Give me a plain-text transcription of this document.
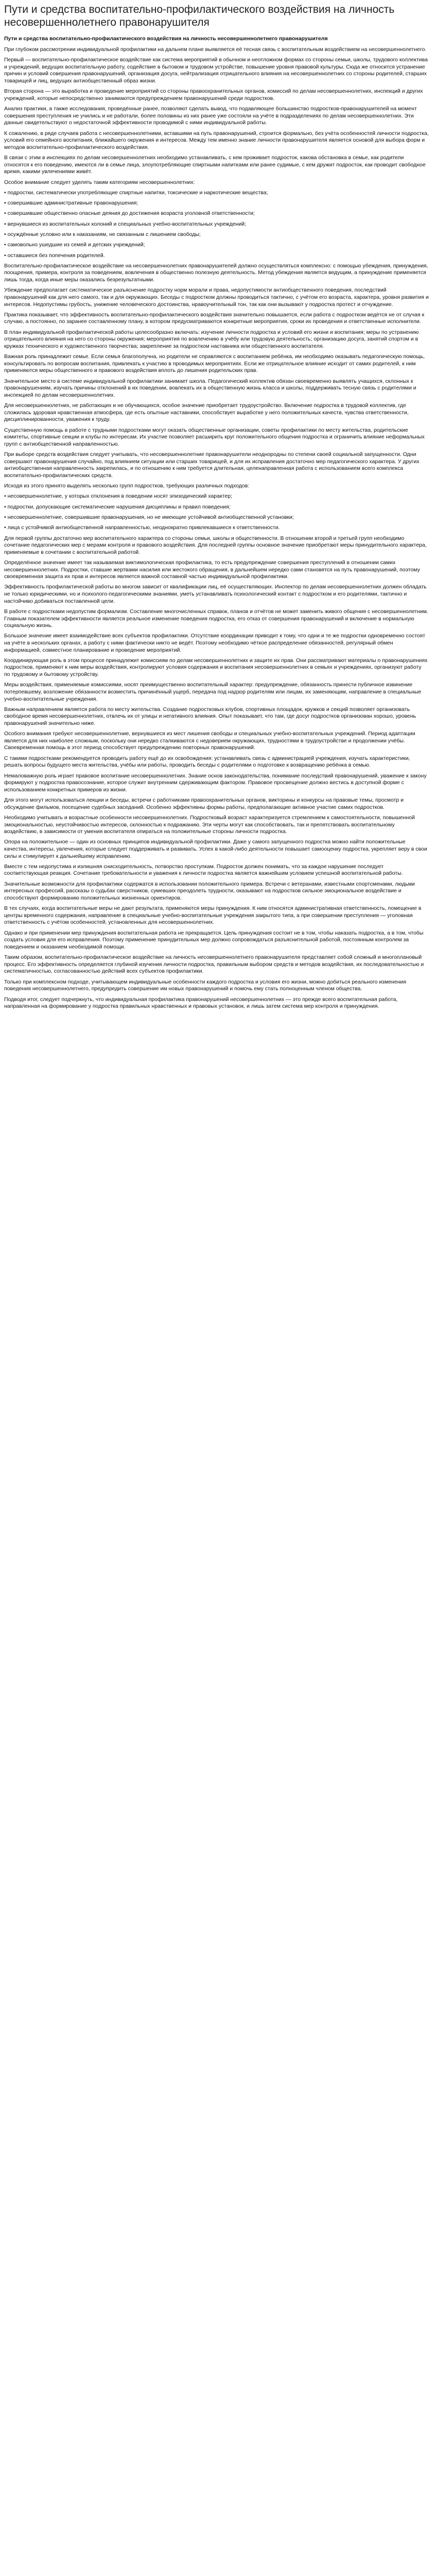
Пути и средства воспитательно-профилактического воздействия на личность несовершеннолетнего правонарушителя

Пути и средства воспитательно-профилактического воздействия на личность несовершеннолетнего правонарушителя

При глубоком рассмотрении индивидуальной профилактики на дальнем плане выявляется её тесная связь с воспитательным воздействием на несовершеннолетнего.

Первый — воспитательно-профилактическое воздействие как система мероприятий в обычном и неотложном формах со стороны семьи, школы, трудового коллектива и учреждений, ведущих воспитательную работу, содействие в бытовом и трудовом устройстве, повышение уровня правовой культуры. Сюда же относится устранение причин и условий совершения правонарушений, организация досуга, нейтрализация отрицательного влияния на несовершеннолетних со стороны родителей, старших товарищей и лиц, ведущих антиобщественный образ жизни.

Вторая сторона — это выработка и проведение мероприятий со стороны правоохранительных органов, комиссий по делам несовершеннолетних, инспекций и других учреждений, которые непосредственно занимаются предупреждением правонарушений среди подростков.

Анализ практики, а также исследования, проведённые ранее, позволяют сделать вывод, что подавляющее большинство подростков-правонарушителей на момент совершения преступления не учились и не работали, более половины из них ранее уже состояли на учёте в подразделениях по делам несовершеннолетних. Эти данные свидетельствуют о недостаточной эффективности проводимой с ними индивидуальной работы.

К сожалению, в ряде случаев работа с несовершеннолетними, вставшими на путь правонарушений, строится формально, без учёта особенностей личности подростка, условий его семейного воспитания, ближайшего окружения и интересов. Между тем именно знание личности правонарушителя является основой для выбора форм и методов воспитательно-профилактического воздействия.

В связи с этим в инспекциях по делам несовершеннолетних необходимо устанавливать, с кем проживает подросток, какова обстановка в семье, как родители относятся к его поведению, имеются ли в семье лица, злоупотребляющие спиртными напитками или ранее судимые, с кем дружит подросток, как проводит свободное время, какими увлечениями живёт.

Особое внимание следует уделять таким категориям несовершеннолетних:

• подростки, систематически употребляющие спиртные напитки, токсические и наркотические вещества;

• совершившие административные правонарушения;

• совершившие общественно опасные деяния до достижения возраста уголовной ответственности;

• вернувшиеся из воспитательных колоний и специальных учебно-воспитательных учреждений;

• осуждённые условно или к наказаниям, не связанным с лишением свободы;

• самовольно ушедшие из семей и детских учреждений;

• оставшиеся без попечения родителей.

Воспитательно-профилактическое воздействие на несовершеннолетних правонарушителей должно осуществляться комплексно: с помощью убеждения, принуждения, поощрения, примера, контроля за поведением, вовлечения в общественно полезную деятельность. Метод убеждения является ведущим, а принуждение применяется лишь тогда, когда иные меры оказались безрезультатными.

Убеждение предполагает систематическое разъяснение подростку норм морали и права, недопустимости антиобщественного поведения, последствий правонарушений как для него самого, так и для окружающих. Беседы с подростком должны проводиться тактично, с учётом его возраста, характера, уровня развития и интересов. Недопустимы грубость, унижение человеческого достоинства, нравоучительный тон, так как они вызывают у подростка протест и отчуждение.

Практика показывает, что эффективность воспитательно-профилактического воздействия значительно повышается, если работа с подростком ведётся не от случая к случаю, а постоянно, по заранее составленному плану, в котором предусматриваются конкретные мероприятия, сроки их проведения и ответственные исполнители.

В план индивидуальной профилактической работы целесообразно включать: изучение личности подростка и условий его жизни и воспитания; меры по устранению отрицательного влияния на него со стороны окружения; мероприятия по вовлечению в учёбу или трудовую деятельность; организацию досуга, занятий спортом и в кружках технического и художественного творчества; закрепление за подростком наставника или общественного воспитателя.

Важная роль принадлежит семье. Если семья благополучна, но родители не справляются с воспитанием ребёнка, им необходимо оказывать педагогическую помощь, консультировать по вопросам воспитания, привлекать к участию в проводимых мероприятиях. Если же отрицательное влияние исходит от самих родителей, к ним применяются меры общественного и правового воздействия вплоть до лишения родительских прав.

Значительное место в системе индивидуальной профилактики занимает школа. Педагогический коллектив обязан своевременно выявлять учащихся, склонных к правонарушениям, изучать причины отклонений в их поведении, вовлекать их в общественную жизнь класса и школы, поддерживать тесную связь с родителями и инспекцией по делам несовершеннолетних.

Для несовершеннолетних, не работающих и не обучающихся, особое значение приобретает трудоустройство. Включение подростка в трудовой коллектив, где сложилась здоровая нравственная атмосфера, где есть опытные наставники, способствует выработке у него положительных качеств, чувства ответственности, дисциплинированности, уважения к труду.

Существенную помощь в работе с трудными подростками могут оказать общественные организации, советы профилактики по месту жительства, родительские комитеты, спортивные секции и клубы по интересам. Их участие позволяет расширить круг положительного общения подростка и ограничить влияние неформальных групп с антиобщественной направленностью.

При выборе средств воздействия следует учитывать, что несовершеннолетние правонарушители неоднородны по степени своей социальной запущенности. Одни совершают правонарушения случайно, под влиянием ситуации или старших товарищей, и для их исправления достаточно мер педагогического характера. У других антиобщественная направленность закрепилась, и по отношению к ним требуется длительная, целенаправленная работа с использованием всего комплекса воспитательно-профилактических средств.

Исходя из этого принято выделять несколько групп подростков, требующих различных подходов:

• несовершеннолетние, у которых отклонения в поведении носят эпизодический характер;

• подростки, допускающие систематические нарушения дисциплины и правил поведения;

• несовершеннолетние, совершившие правонарушения, но не имеющие устойчивой антиобщественной установки;

• лица с устойчивой антиобщественной направленностью, неоднократно привлекавшиеся к ответственности.

Для первой группы достаточно мер воспитательного характера со стороны семьи, школы и общественности. В отношении второй и третьей групп необходимо сочетание педагогических мер с мерами контроля и правового воздействия. Для последней группы основное значение приобретают меры принудительного характера, применяемые в сочетании с воспитательной работой.

Определённое значение имеет так называемая виктимологическая профилактика, то есть предупреждение совершения преступлений в отношении самих несовершеннолетних. Подростки, ставшие жертвами насилия или жестокого обращения, в дальнейшем нередко сами становятся на путь правонарушений, поэтому своевременная защита их прав и интересов является важной составной частью индивидуальной профилактики.

Эффективность профилактической работы во многом зависит от квалификации лиц, её осуществляющих. Инспектор по делам несовершеннолетних должен обладать не только юридическими, но и психолого-педагогическими знаниями, уметь устанавливать психологический контакт с подростком и его родителями, тактично и настойчиво добиваться поставленной цели.

В работе с подростками недопустим формализм. Составление многочисленных справок, планов и отчётов не может заменить живого общения с несовершеннолетним. Главным показателем эффективности является реальное изменение поведения подростка, его отказ от совершения правонарушений и включение в нормальную социальную жизнь.

Большое значение имеет взаимодействие всех субъектов профилактики. Отсутствие координации приводит к тому, что одни и те же подростки одновременно состоят на учёте в нескольких органах, а работу с ними фактически никто не ведёт. Поэтому необходимо чёткое распределение обязанностей, регулярный обмен информацией, совместное планирование и проведение мероприятий.

Координирующая роль в этом процессе принадлежит комиссиям по делам несовершеннолетних и защите их прав. Они рассматривают материалы о правонарушениях подростков, применяют к ним меры воздействия, контролируют условия содержания и воспитания несовершеннолетних в семьях и учреждениях, организуют работу по трудовому и бытовому устройству.

Меры воздействия, применяемые комиссиями, носят преимущественно воспитательный характер: предупреждение, обязанность принести публичное извинение потерпевшему, возложение обязанности возместить причинённый ущерб, передача под надзор родителям или лицам, их заменяющим, направление в специальные учебно-воспитательные учреждения.

Важным направлением является работа по месту жительства. Создание подростковых клубов, спортивных площадок, кружков и секций позволяет организовать свободное время несовершеннолетних, отвлечь их от улицы и негативного влияния. Опыт показывает, что там, где досуг подростков организован хорошо, уровень правонарушений значительно ниже.

Особого внимания требуют несовершеннолетние, вернувшиеся из мест лишения свободы и специальных учебно-воспитательных учреждений. Период адаптации является для них наиболее сложным, поскольку они нередко сталкиваются с недоверием окружающих, трудностями в трудоустройстве и продолжении учёбы. Своевременная помощь в этот период способствует предупреждению повторных правонарушений.

С такими подростками рекомендуется проводить работу ещё до их освобождения: устанавливать связь с администрацией учреждения, изучать характеристики, решать вопросы будущего места жительства, учёбы или работы, проводить беседы с родителями о подготовке к возвращению ребёнка в семью.

Немаловажную роль играет правовое воспитание несовершеннолетних. Знание основ законодательства, понимание последствий правонарушений, уважение к закону формируют у подростка правосознание, которое служит внутренним сдерживающим фактором. Правовое просвещение должно вестись в доступной форме с использованием конкретных примеров из жизни.

Для этого могут использоваться лекции и беседы, встречи с работниками правоохранительных органов, викторины и конкурсы на правовые темы, просмотр и обсуждение фильмов, посещение судебных заседаний. Особенно эффективны формы работы, предполагающие активное участие самих подростков.

Необходимо учитывать и возрастные особенности несовершеннолетних. Подростковый возраст характеризуется стремлением к самостоятельности, повышенной эмоциональностью, неустойчивостью интересов, склонностью к подражанию. Эти черты могут как способствовать, так и препятствовать воспитательному воздействию, в зависимости от умения воспитателя опираться на положительные стороны личности подростка.

Опора на положительное — один из основных принципов индивидуальной профилактики. Даже у самого запущенного подростка можно найти положительные качества, интересы, увлечения, которые следует поддерживать и развивать. Успех в какой-либо деятельности повышает самооценку подростка, укрепляет веру в свои силы и стимулирует к дальнейшему исправлению.

Вместе с тем недопустима и излишняя снисходительность, потворство проступкам. Подросток должен понимать, что за каждое нарушение последует соответствующая реакция. Сочетание требовательности и уважения к личности подростка является важнейшим условием успешной воспитательной работы.

Значительные возможности для профилактики содержатся в использовании положительного примера. Встречи с ветеранами, известными спортсменами, людьми интересных профессий, рассказы о судьбах сверстников, сумевших преодолеть трудности, оказывают на подростков сильное эмоциональное воздействие и способствуют формированию положительных жизненных ориентиров.

В тех случаях, когда воспитательные меры не дают результата, применяются меры принуждения. К ним относятся административная ответственность, помещение в центры временного содержания, направление в специальные учебно-воспитательные учреждения закрытого типа, а при совершении преступления — уголовная ответственность с учётом особенностей, установленных для несовершеннолетних.

Однако и при применении мер принуждения воспитательная работа не прекращается. Цель принуждения состоит не в том, чтобы наказать подростка, а в том, чтобы создать условия для его исправления. Поэтому применение принудительных мер должно сопровождаться разъяснительной работой, постоянным контролем за поведением и оказанием необходимой помощи.

Таким образом, воспитательно-профилактическое воздействие на личность несовершеннолетнего правонарушителя представляет собой сложный и многоплановый процесс. Его эффективность определяется глубиной изучения личности подростка, правильным выбором средств и методов воздействия, их последовательностью и систематичностью, согласованностью действий всех субъектов профилактики.

Только при комплексном подходе, учитывающем индивидуальные особенности каждого подростка и условия его жизни, можно добиться реального изменения поведения несовершеннолетнего, предупредить совершение им новых правонарушений и помочь ему стать полноценным членом общества.

Подводя итог, следует подчеркнуть, что индивидуальная профилактика правонарушений несовершеннолетних — это прежде всего воспитательная работа, направленная на формирование у подростка правильных нравственных и правовых установок, и лишь затем система мер контроля и принуждения.
